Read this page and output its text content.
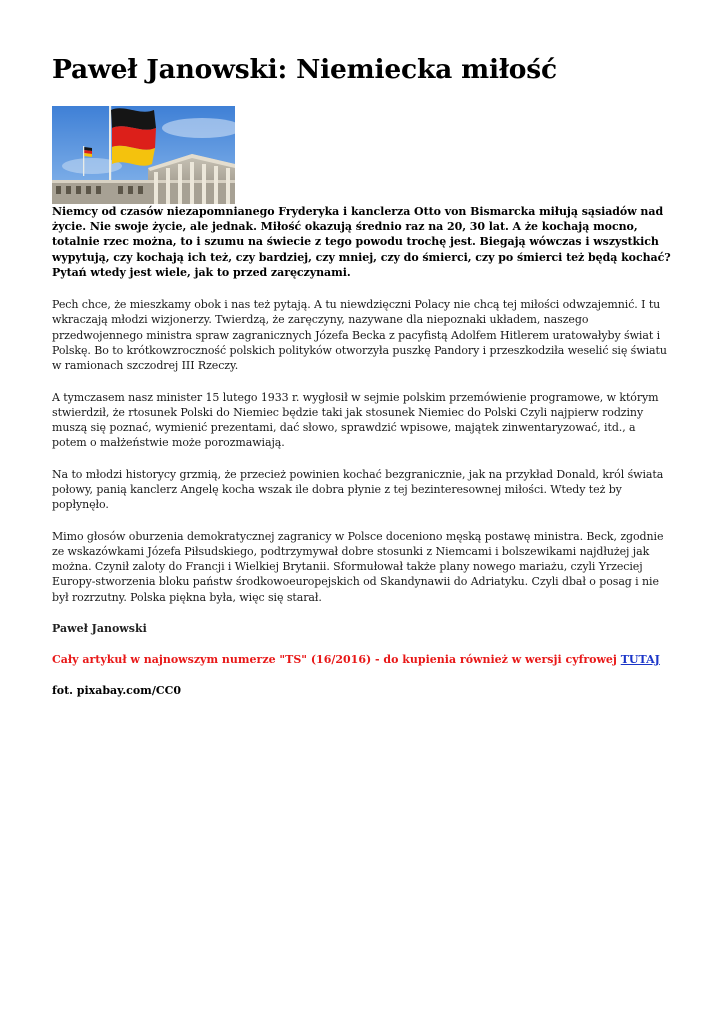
Paweł Janowski: Niemiecka miłość

Niemcy od czasów niezapomnianego Fryderyka i kanclerza Otto von Bismarcka miłują sąsiadów nad życie. Nie swoje życie, ale jednak. Miłość okazują średnio raz na 20, 30 lat. A że kochają mocno, totalnie rzec można, to i szumu na świecie z tego powodu trochę jest. Biegają wówczas i wszystkich wypytują, czy kochają ich też, czy bardziej, czy mniej, czy do śmierci, czy po śmierci też będą kochać? Pytań wtedy jest wiele, jak to przed zaręczynami.

Pech chce, że mieszkamy obok i nas też pytają. A tu niewdzięczni Polacy nie chcą tej miłości odwzajemnić. I tu wkraczają młodzi wizjonerzy. Twierdzą, że zaręczyny, nazywane dla niepoznaki układem, naszego przedwojennego ministra spraw zagranicznych Józefa Becka z pacyfistą Adolfem Hitlerem uratowałyby świat i Polskę. Bo to krótkowzroczność polskich polityków otworzyła puszkę Pandory i przeszkodziła weselić się światu w ramionach szczodrej III Rzeczy.

A tymczasem nasz minister 15 lutego 1933 r. wygłosił w sejmie polskim przemówienie programowe, w którym stwierdził, że rtosunek Polski do Niemiec będzie taki jak stosunek Niemiec do Polski Czyli najpierw rodziny muszą się poznać, wymienić prezentami, dać słowo, sprawdzić wpisowe, majątek zinwentaryzować, itd., a potem o małżeństwie może porozmawiają.

Na to młodzi historycy grzmią, że przecież powinien kochać bezgranicznie, jak na przykład Donald, król świata połowy, panią kanclerz Angelę kocha wszak ile dobra płynie z tej bezinteresownej miłości. Wtedy też by popłynęło.

Mimo głosów oburzenia demokratycznej zagranicy w Polsce doceniono męską postawę ministra. Beck, zgodnie ze wskazówkami Józefa Piłsudskiego, podtrzymywał dobre stosunki z Niemcami i bolszewikami najdłużej jak można. Czynił zaloty do Francji i Wielkiej Brytanii. Sformułował także plany nowego mariażu, czyli Yrzeciej Europy-stworzenia bloku państw środkowoeuropejskich od Skandynawii do Adriatyku. Czyli dbał o posag i nie był rozrzutny. Polska piękna była, więc się starał.

Paweł Janowski

Cały artykuł w najnowszym numerze "TS" (16/2016) - do kupienia również w wersji cyfrowej TUTAJ

fot. pixabay.com/CC0
